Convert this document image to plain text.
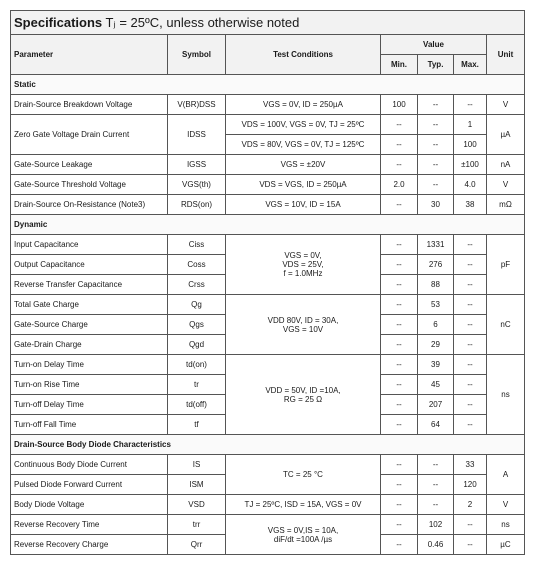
Specifications Tⱼ = 25ºC, unless otherwise noted						
Parameter	Symbol	Test Conditions	Value			Unit
			Min.	Typ.	Max.	
Static						
Drain-Source Breakdown Voltage	V(BR)DSS	VGS = 0V, ID = 250µA	100	--	--	V
Zero Gate Voltage Drain Current	IDSS	VDS = 100V, VGS = 0V, TJ = 25ºC	--	--	1	µA
		VDS = 80V, VGS = 0V, TJ = 125ºC	--	--	100	
Gate-Source Leakage	IGSS	VGS = ±20V	--	--	±100	nA
Gate-Source Threshold Voltage	VGS(th)	VDS = VGS, ID = 250µA	2.0	--	4.0	V
Drain-Source On-Resistance (Note3)	RDS(on)	VGS = 10V, ID = 15A	--	30	38	mΩ
Dynamic						
Input Capacitance	Ciss	VGS = 0V,
VDS = 25V,
f = 1.0MHz	--	1331	--	pF
Output Capacitance	Coss		--	276	--	
Reverse Transfer Capacitance	Crss		--	88	--	
Total Gate Charge	Qg	VDD 80V, ID = 30A,
VGS = 10V	--	53	--	nC
Gate-Source Charge	Qgs		--	6	--	
Gate-Drain Charge	Qgd		--	29	--	
Turn-on Delay Time	td(on)	VDD = 50V, ID =10A,
RG = 25 Ω	--	39	--	ns
Turn-on Rise Time	tr		--	45	--	
Turn-off Delay Time	td(off)		--	207	--	
Turn-off Fall Time	tf		--	64	--	
Drain-Source Body Diode Characteristics						
Continuous Body Diode Current	IS	TC = 25 °C	--	--	33	A
Pulsed Diode Forward Current	ISM		--	--	120	
Body Diode Voltage	VSD	TJ = 25ºC, ISD = 15A, VGS = 0V	--	--	2	V
Reverse Recovery Time	trr	VGS = 0V,IS = 10A,
diF/dt =100A /µs	--	102	--	ns
Reverse Recovery Charge	Qrr		--	0.46	--	µC
